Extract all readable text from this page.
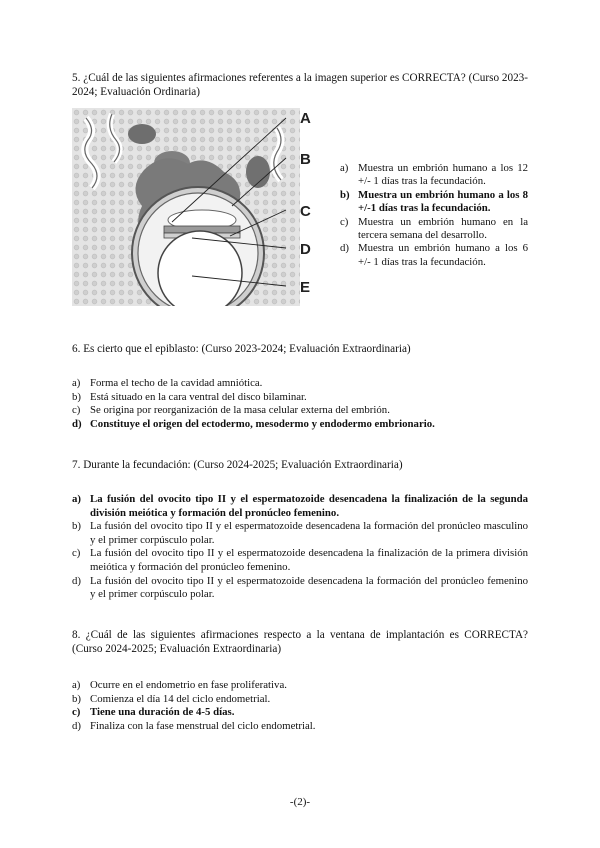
5. ¿Cuál de las siguientes afirmaciones referentes a la imagen superior es CORRECTA? (Curso 2023-2024; Evaluación Ordinaria)
A
B
C
D
E
a) Muestra un embrión humano a los 12 +/- 1 días tras la fecundación.
b) Muestra un embrión humano a los 8 +/-1 días tras la fecundación.
c) Muestra un embrión humano en la tercera semana del desarrollo.
d) Muestra un embrión humano a los 6 +/- 1 días tras la fecundación.
6. Es cierto que el epiblasto: (Curso 2023-2024; Evaluación Extraordinaria)
a) Forma el techo de la cavidad amniótica.
b) Está situado en la cara ventral del disco bilaminar.
c) Se origina por reorganización de la masa celular externa del embrión.
d) Constituye el origen del ectodermo, mesodermo y endodermo embrionario.
7. Durante la fecundación: (Curso 2024-2025; Evaluación Extraordinaria)
a) La fusión del ovocito tipo II y el espermatozoide desencadena la finalización de la segunda división meiótica y formación del pronúcleo femenino.
b) La fusión del ovocito tipo II y el espermatozoide desencadena la formación del pronúcleo masculino y el primer corpúsculo polar.
c) La fusión del ovocito tipo II y el espermatozoide desencadena la finalización de la primera división meiótica y formación del pronúcleo femenino.
d) La fusión del ovocito tipo II y el espermatozoide desencadena la formación del pronúcleo femenino y el primer corpúsculo polar.
8. ¿Cuál de las siguientes afirmaciones respecto a la ventana de implantación es CORRECTA? (Curso 2024-2025; Evaluación Extraordinaria)
a) Ocurre en el endometrio en fase proliferativa.
b) Comienza el día 14 del ciclo endometrial.
c) Tiene una duración de 4-5 días.
d) Finaliza con la fase menstrual del ciclo endometrial.
-(2)-
